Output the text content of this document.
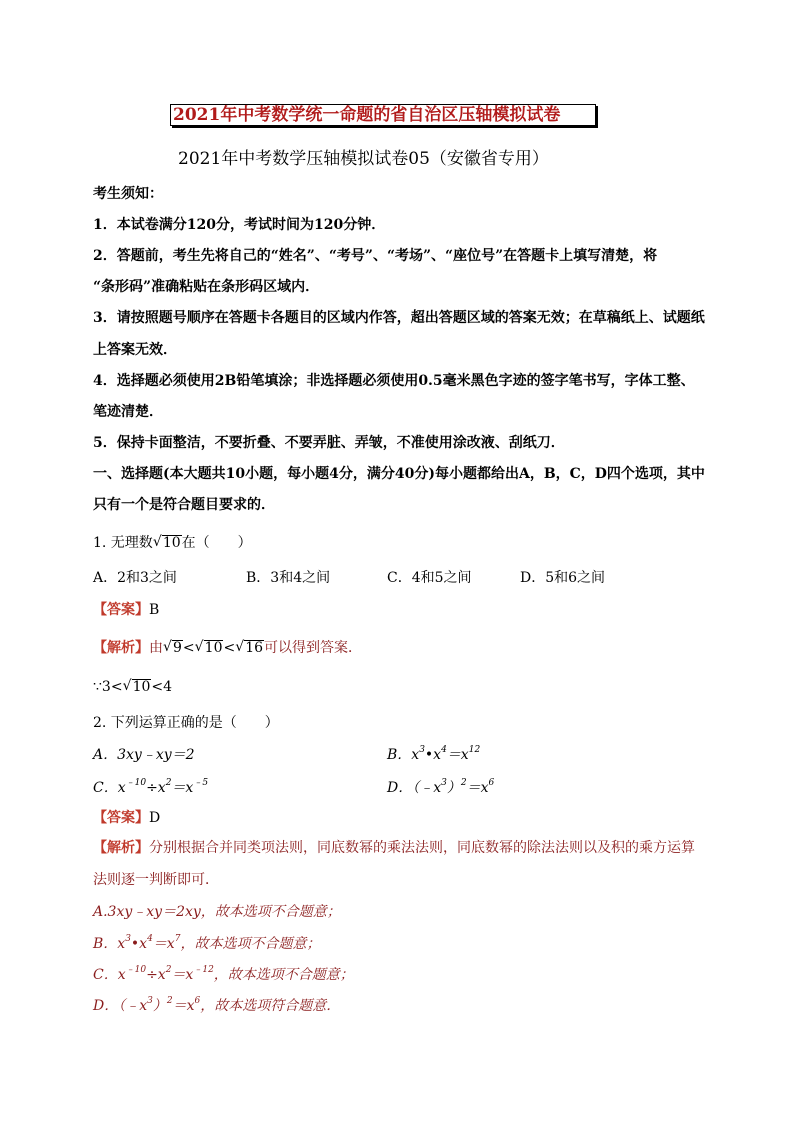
2021年中考数学统一命题的省自治区压轴模拟试卷
2021年中考数学压轴模拟试卷05（安徽省专用）
考生须知：
1．本试卷满分120分，考试时间为120分钟．
2．答题前，考生先将自己的“姓名”、“考号”、“考场”、“座位号”在答题卡上填写清楚，将
“条形码”准确粘贴在条形码区域内．
3．请按照题号顺序在答题卡各题目的区域内作答，超出答题区域的答案无效；在草稿纸上、试题纸
上答案无效．
4．选择题必须使用2B铅笔填涂；非选择题必须使用0.5毫米黑色字迹的签字笔书写，字体工整、
笔迹清楚．
5．保持卡面整洁，不要折叠、不要弄脏、弄皱，不准使用涂改液、刮纸刀．
一、选择题(本大题共10小题，每小题4分，满分40分)每小题都给出A，B，C，D四个选项，其中
只有一个是符合题目要求的．
1. 无理数 √ 10在（　　）
A．2和3之间	B．3和4之间	C．4和5之间	D．5和6之间
【答案】B
【解析】由 √ 9< √ 10< √ 16可以得到答案．
∵3< √ 10<4
2. 下列运算正确的是（　　）
A．3xy﹣xy＝2	B．$x^3•x^4=x^{12}$
C．$x^{﹣10}\div x^2=x^{﹣5}$	D．$(﹣x^3)^2=x^6$
【答案】D
【解析】分别根据合并同类项法则，同底数幂的乘法法则，同底数幂的除法法则以及积的乘方运算
法则逐一判断即可．
A.3xy﹣xy＝2xy，故本选项不合题意；
B．$x^3•x^4=x^7$，故本选项不合题意；
C．$x^{﹣10}\div x^2=x^{﹣12}$，故本选项不合题意；
D．$(﹣x^3)^2=x^6$，故本选项符合题意．
